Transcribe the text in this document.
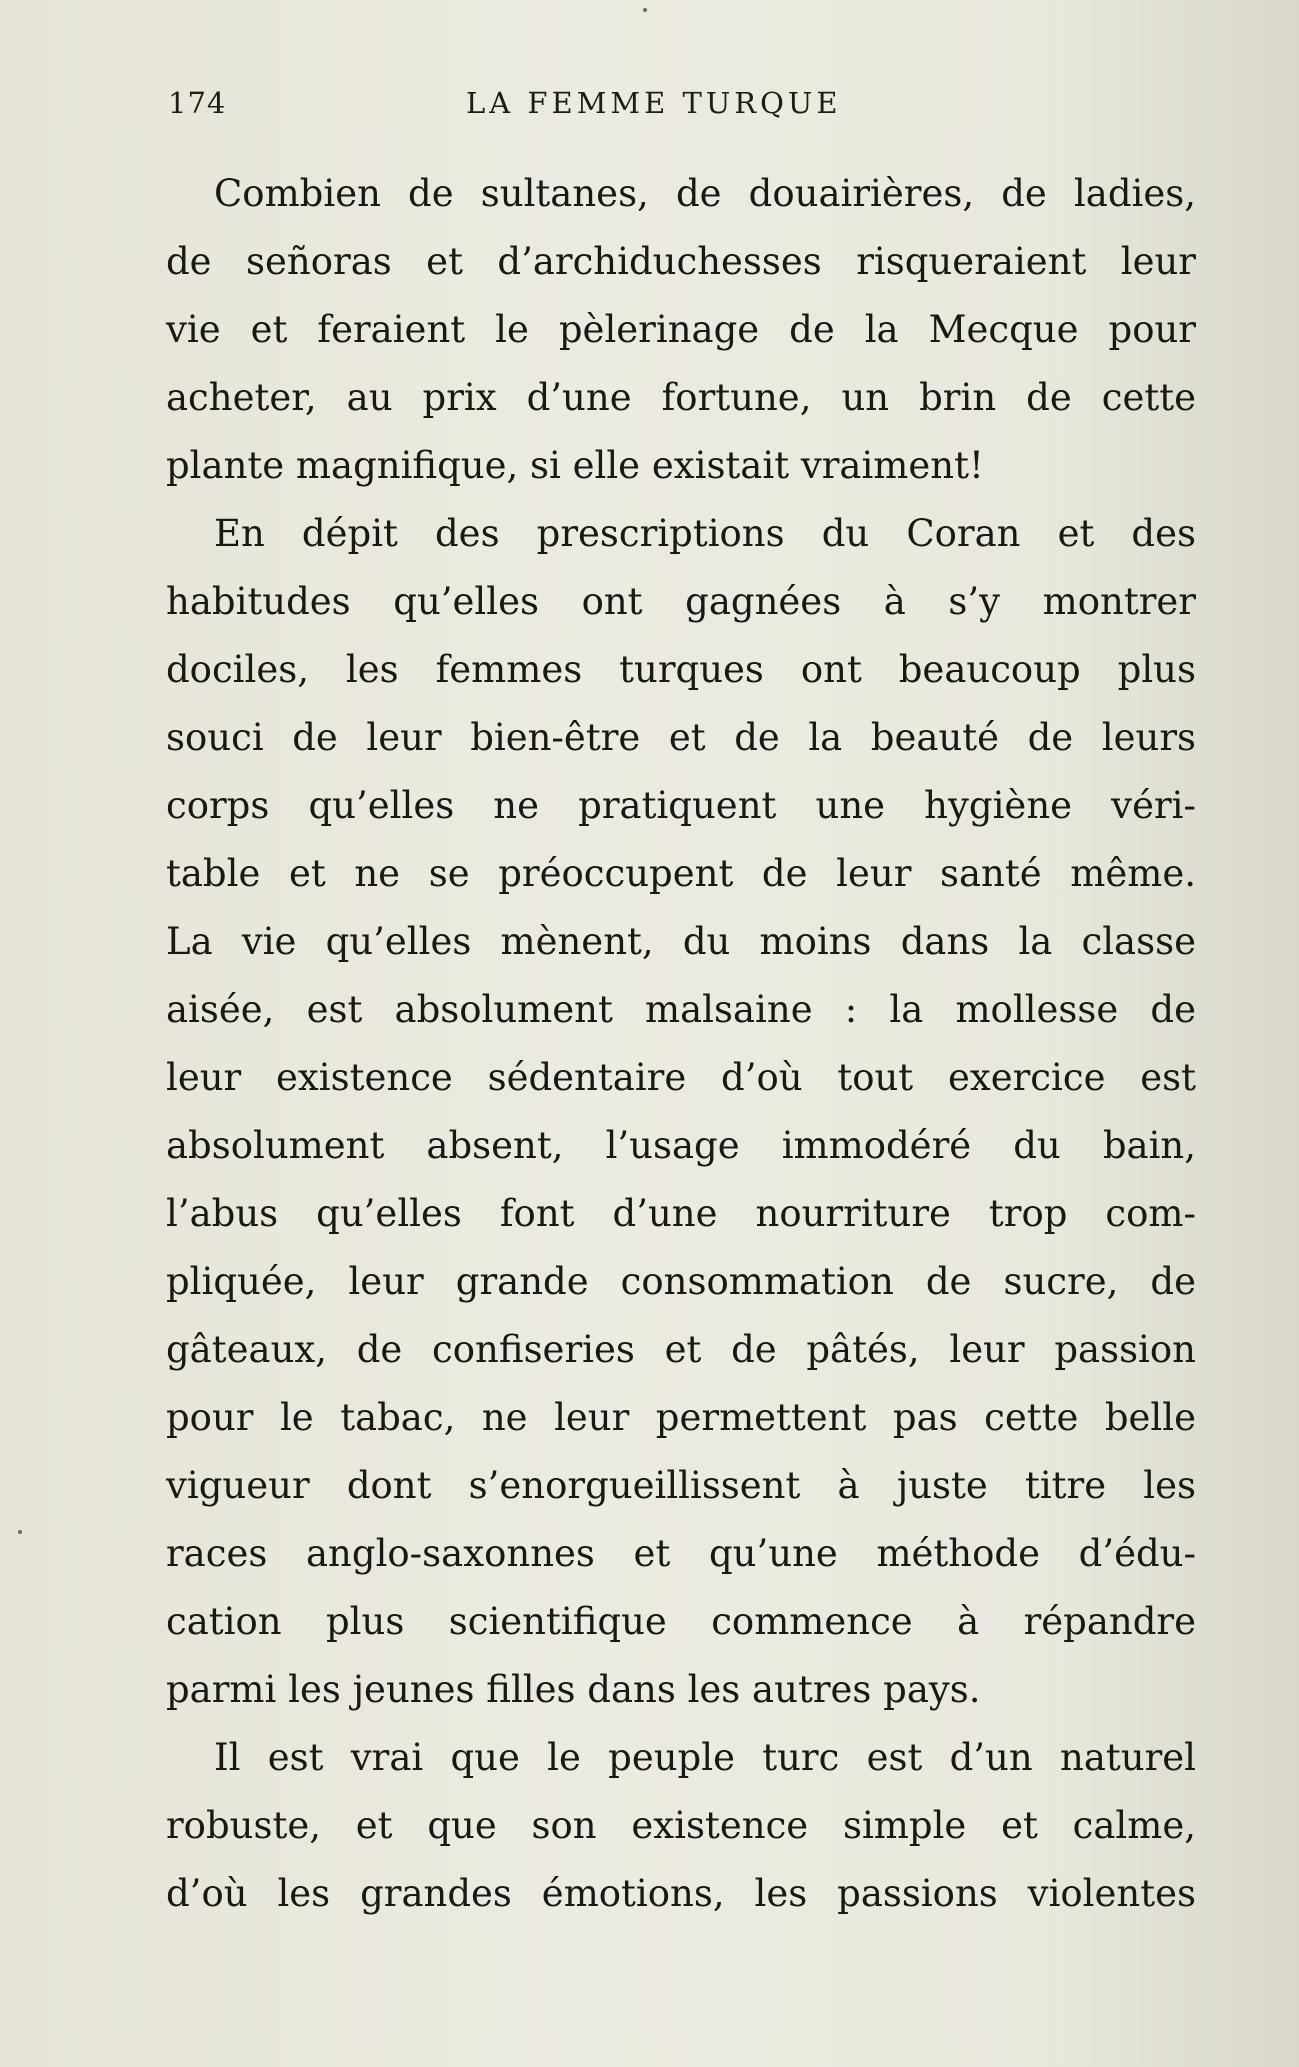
174	LA FEMME TURQUE
Combien de sultanes, de douairières, de ladies,
de señoras et d’archiduchesses risqueraient leur
vie et feraient le pèlerinage de la Mecque pour
acheter, au prix d’une fortune, un brin de cette
plante magnifique, si elle existait vraiment!
En dépit des prescriptions du Coran et des
habitudes qu’elles ont gagnées à s’y montrer
dociles, les femmes turques ont beaucoup plus
souci de leur bien-être et de la beauté de leurs
corps qu’elles ne pratiquent une hygiène véri-
table et ne se préoccupent de leur santé même.
La vie qu’elles mènent, du moins dans la classe
aisée, est absolument malsaine : la mollesse de
leur existence sédentaire d’où tout exercice est
absolument absent, l’usage immodéré du bain,
l’abus qu’elles font d’une nourriture trop com-
pliquée, leur grande consommation de sucre, de
gâteaux, de confiseries et de pâtés, leur passion
pour le tabac, ne leur permettent pas cette belle
vigueur dont s’enorgueillissent à juste titre les
races anglo-saxonnes et qu’une méthode d’édu-
cation plus scientifique commence à répandre
parmi les jeunes filles dans les autres pays.
Il est vrai que le peuple turc est d’un naturel
robuste, et que son existence simple et calme,
d’où les grandes émotions, les passions violentes
